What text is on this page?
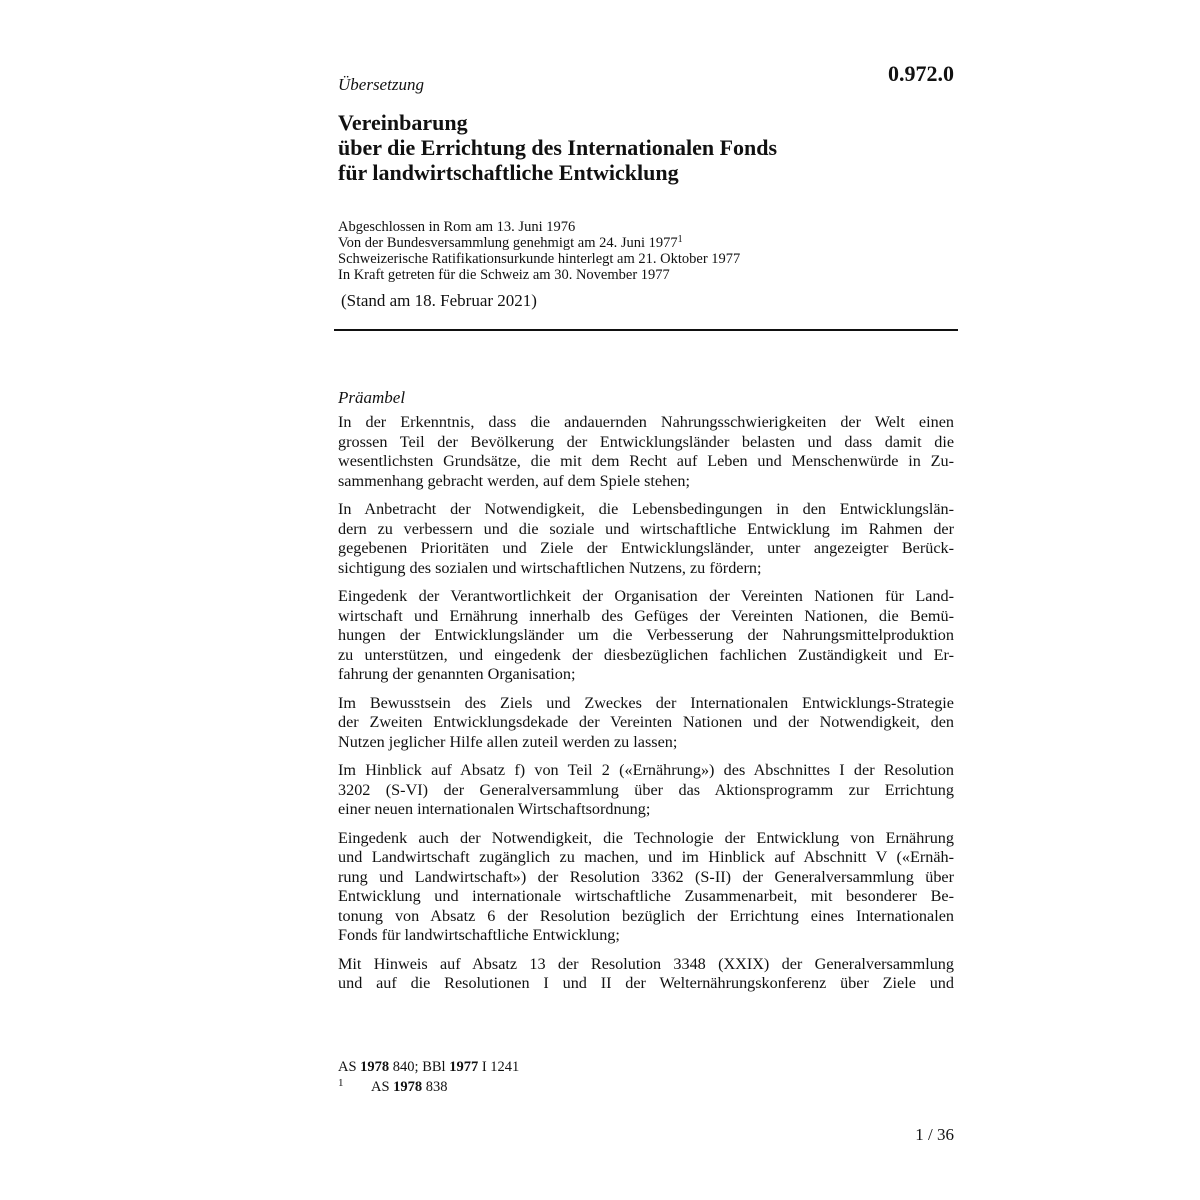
0.972.0
Übersetzung
Vereinbarung
über die Errichtung des Internationalen Fonds
für landwirtschaftliche Entwicklung
Abgeschlossen in Rom am 13. Juni 1976
Von der Bundesversammlung genehmigt am 24. Juni 1977$^1$
Schweizerische Ratifikationsurkunde hinterlegt am 21. Oktober 1977
In Kraft getreten für die Schweiz am 30. November 1977
(Stand am 18. Februar 2021)
Präambel
In der Erkenntnis, dass die andauernden Nahrungsschwierigkeiten der Welt einen
grossen Teil der Bevölkerung der Entwicklungsländer belasten und dass damit die
wesentlichsten Grundsätze, die mit dem Recht auf Leben und Menschenwürde in Zu-
sammenhang gebracht werden, auf dem Spiele stehen;
In Anbetracht der Notwendigkeit, die Lebensbedingungen in den Entwicklungslän-
dern zu verbessern und die soziale und wirtschaftliche Entwicklung im Rahmen der
gegebenen Prioritäten und Ziele der Entwicklungsländer, unter angezeigter Berück-
sichtigung des sozialen und wirtschaftlichen Nutzens, zu fördern;
Eingedenk der Verantwortlichkeit der Organisation der Vereinten Nationen für Land-
wirtschaft und Ernährung innerhalb des Gefüges der Vereinten Nationen, die Bemü-
hungen der Entwicklungsländer um die Verbesserung der Nahrungsmittelproduktion
zu unterstützen, und eingedenk der diesbezüglichen fachlichen Zuständigkeit und Er-
fahrung der genannten Organisation;
Im Bewusstsein des Ziels und Zweckes der Internationalen Entwicklungs-Strategie
der Zweiten Entwicklungsdekade der Vereinten Nationen und der Notwendigkeit, den
Nutzen jeglicher Hilfe allen zuteil werden zu lassen;
Im Hinblick auf Absatz f) von Teil 2 («Ernährung») des Abschnittes I der Resolution
3202 (S-VI) der Generalversammlung über das Aktionsprogramm zur Errichtung
einer neuen internationalen Wirtschaftsordnung;
Eingedenk auch der Notwendigkeit, die Technologie der Entwicklung von Ernährung
und Landwirtschaft zugänglich zu machen, und im Hinblick auf Abschnitt V («Ernäh-
rung und Landwirtschaft») der Resolution 3362 (S-II) der Generalversammlung über
Entwicklung und internationale wirtschaftliche Zusammenarbeit, mit besonderer Be-
tonung von Absatz 6 der Resolution bezüglich der Errichtung eines Internationalen
Fonds für landwirtschaftliche Entwicklung;
Mit Hinweis auf Absatz 13 der Resolution 3348 (XXIX) der Generalversammlung
und auf die Resolutionen I und II der Welternährungskonferenz über Ziele und
AS 1978 840; BBl 1977 I 1241
1 AS 1978 838
1 / 36
